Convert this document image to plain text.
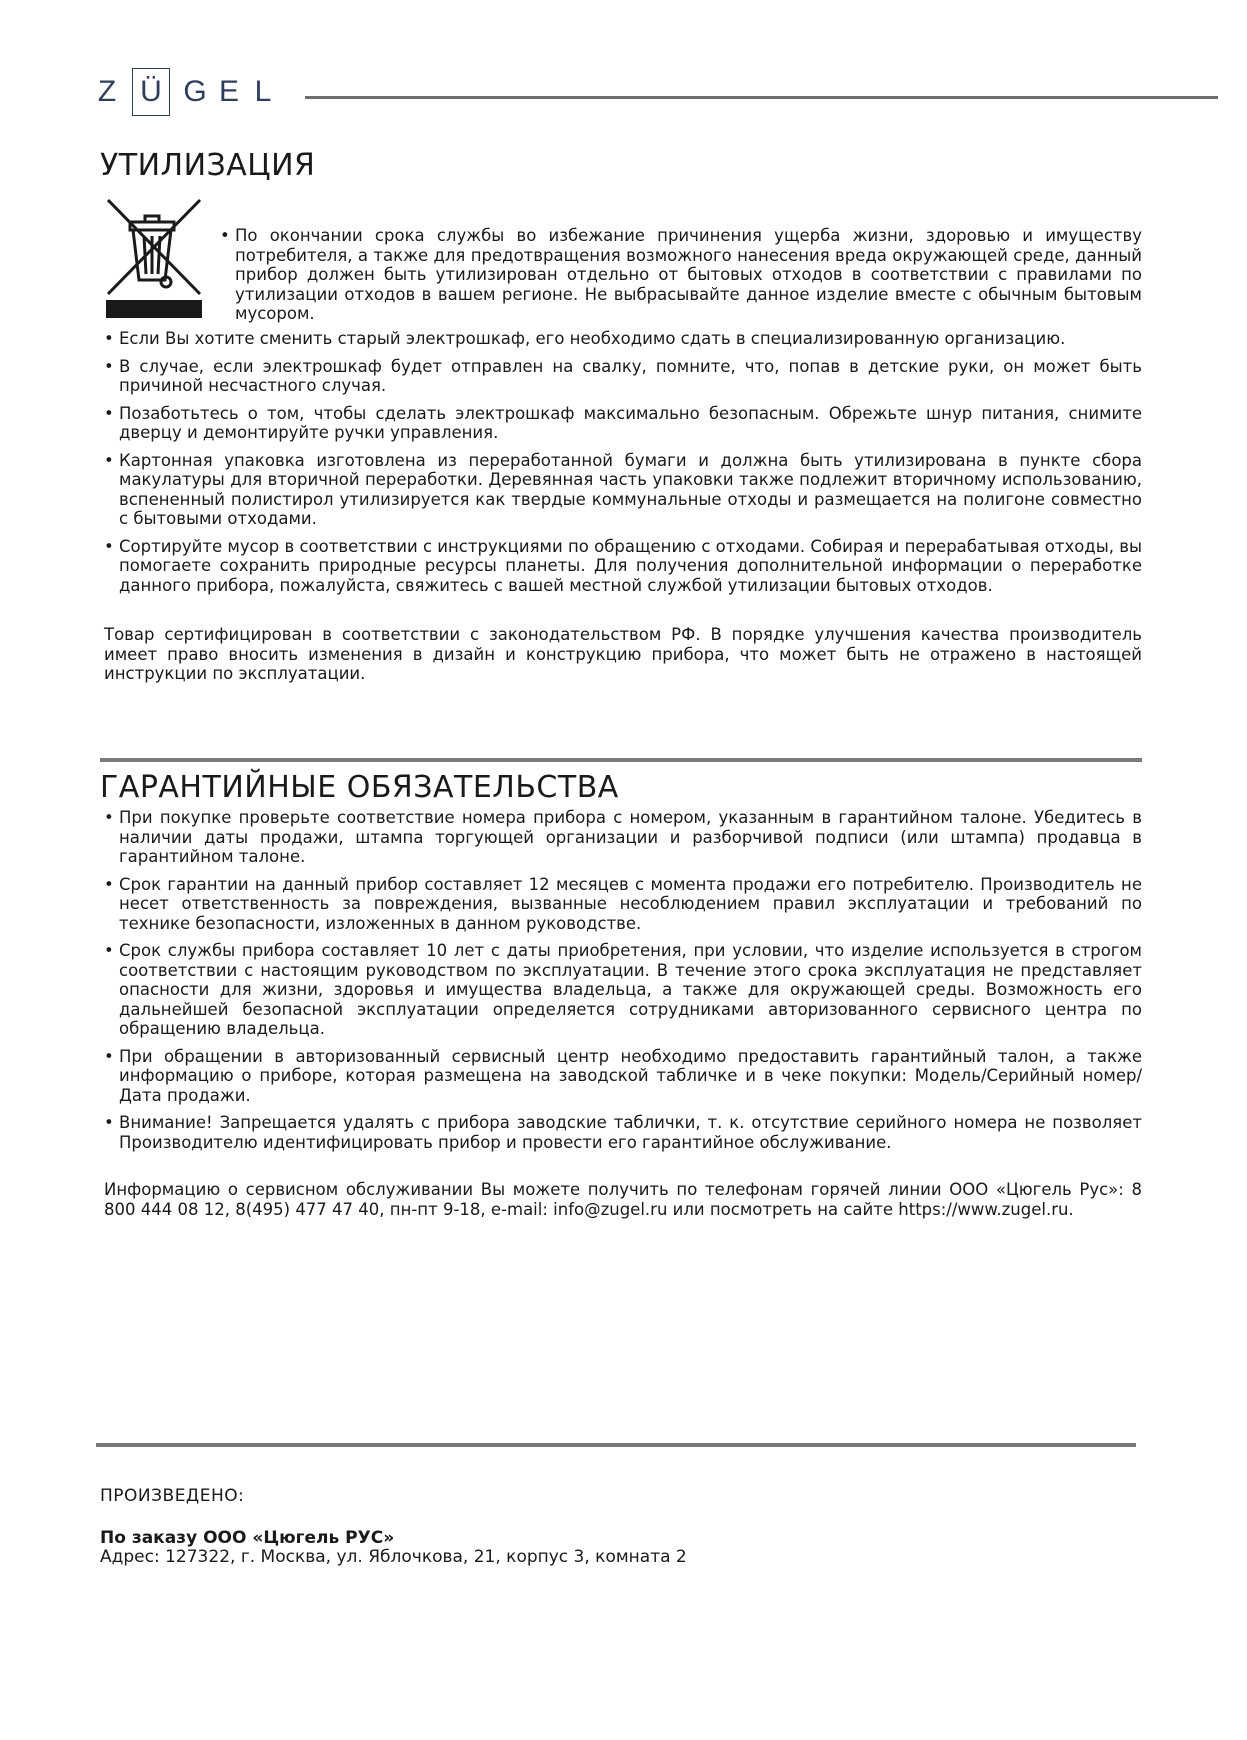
Z Ü G E L
УТИЛИЗАЦИЯ
• По окончании срока службы во избежание причинения ущерба жизни, здоровью и имуществу потребителя, а также для предотвращения возможного нанесения вреда окружающей среде, данный прибор должен быть утилизирован отдельно от бытовых отходов в соответствии с правилами по утилизации отходов в вашем регионе. Не выбрасывайте данное изделие вместе с обычным бытовым мусором.
• Если Вы хотите сменить старый электрошкаф, его необходимо сдать в специализированную организацию.
• В случае, если электрошкаф будет отправлен на свалку, помните, что, попав в детские руки, он может быть причиной несчастного случая.
• Позаботьтесь о том, чтобы сделать электрошкаф максимально безопасным. Обрежьте шнур питания, снимите дверцу и демонтируйте ручки управления.
• Картонная упаковка изготовлена из переработанной бумаги и должна быть утилизирована в пункте сбора макулатуры для вторичной переработки. Деревянная часть упаковки также подлежит вторичному использованию, вспененный полистирол утилизируется как твердые коммунальные отходы и размещается на полигоне совместно с бытовыми отходами.
• Сортируйте мусор в соответствии с инструкциями по обращению с отходами. Собирая и перерабатывая отходы, вы помогаете сохранить природные ресурсы планеты. Для получения дополнительной информации о переработке данного прибора, пожалуйста, свяжитесь с вашей местной службой утилизации бытовых отходов.
Товар сертифицирован в соответствии с законодательством РФ. В порядке улучшения качества производитель имеет право вносить изменения в дизайн и конструкцию прибора, что может быть не отражено в настоящей инструкции по эксплуатации.
ГАРАНТИЙНЫЕ ОБЯЗАТЕЛЬСТВА
• При покупке проверьте соответствие номера прибора с номером, указанным в гарантийном талоне. Убедитесь в наличии даты продажи, штампа торгующей организации и разборчивой подписи (или штампа) продавца в гарантийном талоне.
• Срок гарантии на данный прибор составляет 12 месяцев с момента продажи его потребителю. Производитель не несет ответственность за повреждения, вызванные несоблюдением правил эксплуатации и требований по технике безопасности, изложенных в данном руководстве.
• Срок службы прибора составляет 10 лет с даты приобретения, при условии, что изделие используется в строгом соответствии с настоящим руководством по эксплуатации. В течение этого срока эксплуатация не представляет опасности для жизни, здоровья и имущества владельца, а также для окружающей среды. Возможность его дальнейшей безопасной эксплуатации определяется сотрудниками авторизованного сервисного центра по обращению владельца.
• При обращении в авторизованный сервисный центр необходимо предоставить гарантийный талон, а также информацию о приборе, которая размещена на заводской табличке и в чеке покупки: Модель/Серийный номер/Дата продажи.
• Внимание! Запрещается удалять с прибора заводские таблички, т. к. отсутствие серийного номера не позволяет Производителю идентифицировать прибор и провести его гарантийное обслуживание.
Информацию о сервисном обслуживании Вы можете получить по телефонам горячей линии ООО «Цюгель Рус»: 8 800 444 08 12, 8(495) 477 47 40, пн-пт 9-18, e-mail: info@zugel.ru или посмотреть на сайте https://www.zugel.ru.
ПРОИЗВЕДЕНО:
По заказу ООО «Цюгель РУС»
Адрес: 127322, г. Москва, ул. Яблочкова, 21, корпус 3, комната 2
